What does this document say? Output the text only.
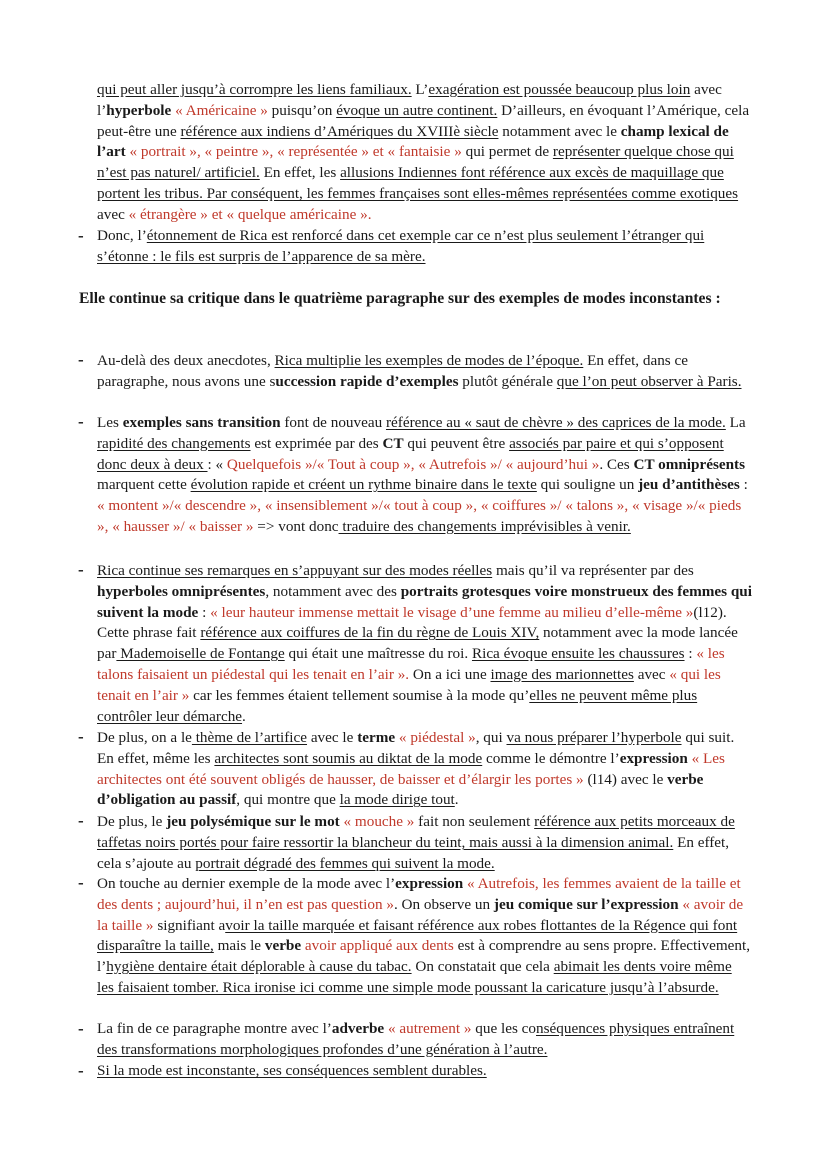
qui peut aller jusqu’à corrompre les liens familiaux. L’exagération est poussée beaucoup plus loin avec l’hyperbole « Américaine » puisqu’on évoque un autre continent. D’ailleurs, en évoquant l’Amérique, cela peut-être une référence aux indiens d’Amériques du XVIIIè siècle notamment avec le champ lexical de l’art « portrait », « peintre », « représentée » et « fantaisie » qui permet de représenter quelque chose qui n’est pas naturel/ artificiel. En effet, les allusions Indiennes font référence aux excès de maquillage que portent les tribus. Par conséquent, les femmes françaises sont elles-mêmes représentées comme exotiques avec « étrangère » et « quelque américaine ».

- Donc, l’étonnement de Rica est renforcé dans cet exemple car ce n’est plus seulement l’étranger qui s’étonne : le fils est surpris de l’apparence de sa mère.

Elle continue sa critique dans le quatrième paragraphe sur des exemples de modes inconstantes :
- Au-delà des deux anecdotes, Rica multiplie les exemples de modes de l’époque. En effet, dans ce paragraphe, nous avons une succession rapide d’exemples plutôt générale que l’on peut observer à Paris.

- Les exemples sans transition font de nouveau référence au « saut de chèvre » des caprices de la mode. La rapidité des changements est exprimée par des CT qui peuvent être associés par paire et qui s’opposent donc deux à deux : « Quelquefois »/« Tout à coup », « Autrefois »/ « aujourd’hui ». Ces CT omniprésents marquent cette évolution rapide et créent un rythme binaire dans le texte qui souligne un jeu d’antithèses : « montent »/« descendre », « insensiblement »/« tout à coup », « coiffures »/ « talons », « visage »/« pieds », « hausser »/ « baisser » => vont donc traduire des changements imprévisibles à venir.

- Rica continue ses remarques en s’appuyant sur des modes réelles mais qu’il va représenter par des hyperboles omniprésentes, notamment avec des portraits grotesques voire monstrueux des femmes qui suivent la mode : « leur hauteur immense mettait le visage d’une femme au milieu d’elle-même »(l12). Cette phrase fait référence aux coiffures de la fin du règne de Louis XIV, notamment avec la mode lancée par Mademoiselle de Fontange qui était une maîtresse du roi. Rica évoque ensuite les chaussures : « les talons faisaient un piédestal qui les tenait en l’air ». On a ici une image des marionnettes avec « qui les tenait en l’air » car les femmes étaient tellement soumise à la mode qu’elles ne peuvent même plus contrôler leur démarche.

- De plus, on a le thème de l’artifice avec le terme « piédestal », qui va nous préparer l’hyperbole qui suit. En effet, même les architectes sont soumis au diktat de la mode comme le démontre l’expression « Les architectes ont été souvent obligés de hausser, de baisser et d’élargir les portes » (l14) avec le verbe d’obligation au passif, qui montre que la mode dirige tout.

- De plus, le jeu polysémique sur le mot « mouche » fait non seulement référence aux petits morceaux de taffetas noirs portés pour faire ressortir la blancheur du teint, mais aussi à la dimension animal. En effet, cela s’ajoute au portrait dégradé des femmes qui suivent la mode.

- On touche au dernier exemple de la mode avec l’expression « Autrefois, les femmes avaient de la taille et des dents ; aujourd’hui, il n’en est pas question ». On observe un jeu comique sur l’expression « avoir de la taille » signifiant avoir la taille marquée et faisant référence aux robes flottantes de la Régence qui font disparaître la taille, mais le verbe avoir appliqué aux dents est à comprendre au sens propre. Effectivement, l’hygiène dentaire était déplorable à cause du tabac. On constatait que cela abimait les dents voire même les faisaient tomber. Rica ironise ici comme une simple mode poussant la caricature jusqu’à l’absurde.

- La fin de ce paragraphe montre avec l’adverbe « autrement » que les conséquences physiques entraînent des transformations morphologiques profondes d’une génération à l’autre.

- Si la mode est inconstante, ses conséquences semblent durables.
